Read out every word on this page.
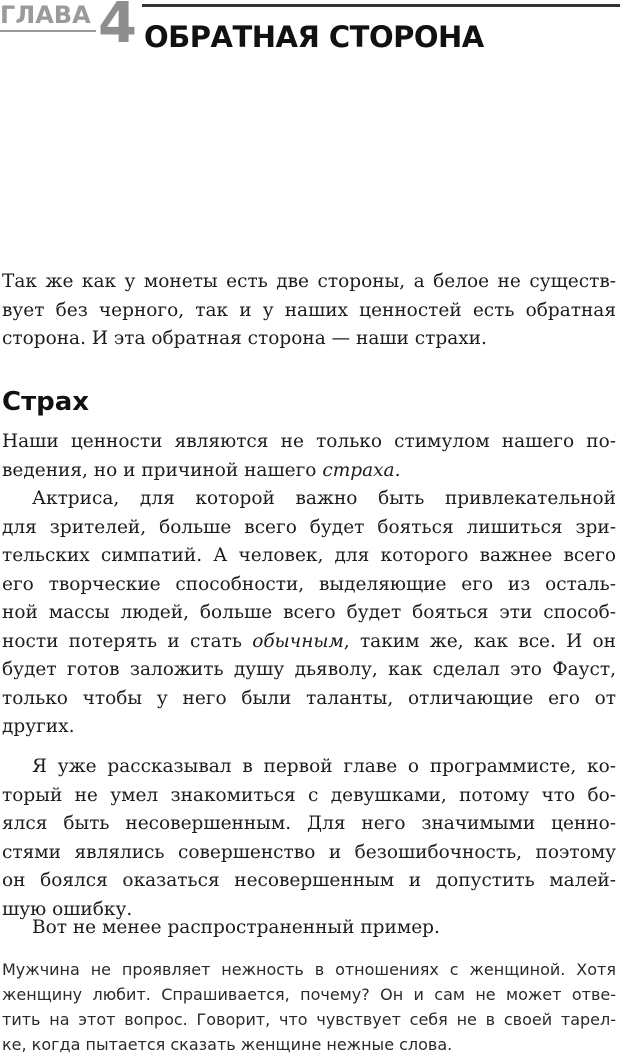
ГЛАВА 4 ОБРАТНАЯ СТОРОНА
Так же как у монеты есть две стороны, а белое не существ-
вует без черного, так и у наших ценностей есть обратная
сторона. И эта обратная сторона — наши страхи.
Страх
Наши ценности являются не только стимулом нашего по-
ведения, но и причиной нашего страха.
Актриса, для которой важно быть привлекательной
для зрителей, больше всего будет бояться лишиться зри-
тельских симпатий. А человек, для которого важнее всего
его творческие способности, выделяющие его из осталь-
ной массы людей, больше всего будет бояться эти способ-
ности потерять и стать обычным, таким же, как все. И он
будет готов заложить душу дьяволу, как сделал это Фауст,
только чтобы у него были таланты, отличающие его от
других.
Я уже рассказывал в первой главе о программисте, ко-
торый не умел знакомиться с девушками, потому что бо-
ялся быть несовершенным. Для него значимыми ценно-
стями являлись совершенство и безошибочность, поэтому
он боялся оказаться несовершенным и допустить малей-
шую ошибку.
Вот не менее распространенный пример.
Мужчина не проявляет нежность в отношениях с женщиной. Хотя
женщину любит. Спрашивается, почему? Он и сам не может отве-
тить на этот вопрос. Говорит, что чувствует себя не в своей тарел-
ке, когда пытается сказать женщине нежные слова.
